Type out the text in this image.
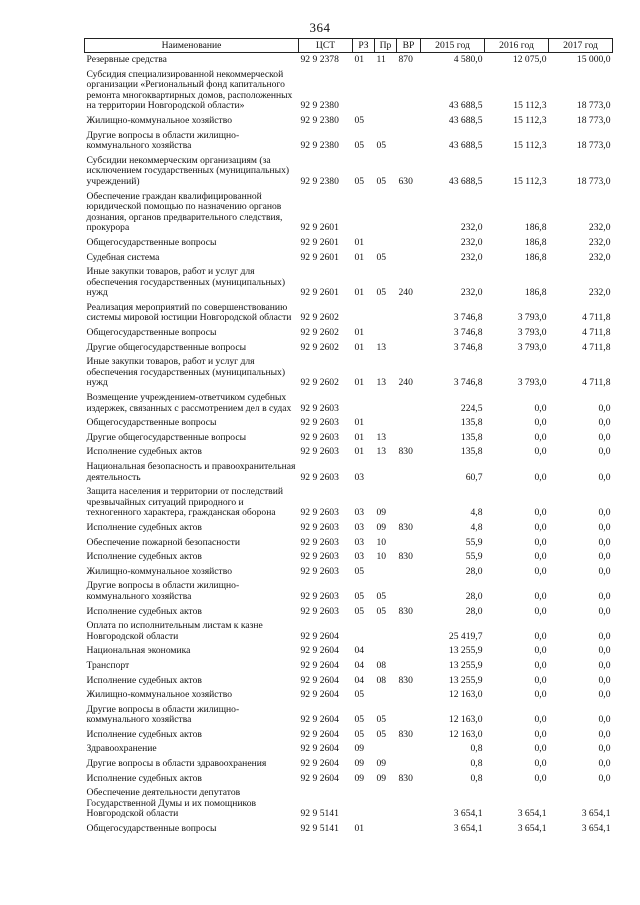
364
Наименование	ЦСТ	РЗ	Пр	ВР	2015 год	2016 год	2017 год
Резервные средства	92 9 2378	01	11	870	4 580,0	12 075,0	15 000,0
Субсидия специализированной некоммерческой организации «Региональный фонд капитального ремонта многоквартирных домов, расположенных на территории Новгородской области»	92 9 2380				43 688,5	15 112,3	18 773,0
Жилищно-коммунальное хозяйство	92 9 2380	05			43 688,5	15 112,3	18 773,0
Другие вопросы в области жилищно-коммунального хозяйства	92 9 2380	05	05		43 688,5	15 112,3	18 773,0
Субсидии некоммерческим организациям (за исключением государственных (муниципальных) учреждений)	92 9 2380	05	05	630	43 688,5	15 112,3	18 773,0
Обеспечение граждан квалифицированной юридической помощью по назначению органов дознания, органов предварительного следствия, прокурора	92 9 2601				232,0	186,8	232,0
Общегосударственные вопросы	92 9 2601	01			232,0	186,8	232,0
Судебная система	92 9 2601	01	05		232,0	186,8	232,0
Иные закупки товаров, работ и услуг для обеспечения государственных (муниципальных) нужд	92 9 2601	01	05	240	232,0	186,8	232,0
Реализация мероприятий по совершенствованию системы мировой юстиции Новгородской области	92 9 2602				3 746,8	3 793,0	4 711,8
Общегосударственные вопросы	92 9 2602	01			3 746,8	3 793,0	4 711,8
Другие общегосударственные вопросы	92 9 2602	01	13		3 746,8	3 793,0	4 711,8
Иные закупки товаров, работ и услуг для обеспечения государственных (муниципальных) нужд	92 9 2602	01	13	240	3 746,8	3 793,0	4 711,8
Возмещение учреждением-ответчиком судебных издержек, связанных с рассмотрением дел в судах	92 9 2603				224,5	0,0	0,0
Общегосударственные вопросы	92 9 2603	01			135,8	0,0	0,0
Другие общегосударственные вопросы	92 9 2603	01	13		135,8	0,0	0,0
Исполнение судебных актов	92 9 2603	01	13	830	135,8	0,0	0,0
Национальная безопасность и правоохранительная деятельность	92 9 2603	03			60,7	0,0	0,0
Защита населения и территории от последствий чрезвычайных ситуаций природного и техногенного характера, гражданская оборона	92 9 2603	03	09		4,8	0,0	0,0
Исполнение судебных актов	92 9 2603	03	09	830	4,8	0,0	0,0
Обеспечение пожарной безопасности	92 9 2603	03	10		55,9	0,0	0,0
Исполнение судебных актов	92 9 2603	03	10	830	55,9	0,0	0,0
Жилищно-коммунальное хозяйство	92 9 2603	05			28,0	0,0	0,0
Другие вопросы в области жилищно-коммунального хозяйства	92 9 2603	05	05		28,0	0,0	0,0
Исполнение судебных актов	92 9 2603	05	05	830	28,0	0,0	0,0
Оплата по исполнительным листам к казне Новгородской области	92 9 2604				25 419,7	0,0	0,0
Национальная экономика	92 9 2604	04			13 255,9	0,0	0,0
Транспорт	92 9 2604	04	08		13 255,9	0,0	0,0
Исполнение судебных актов	92 9 2604	04	08	830	13 255,9	0,0	0,0
Жилищно-коммунальное хозяйство	92 9 2604	05			12 163,0	0,0	0,0
Другие вопросы в области жилищно-коммунального хозяйства	92 9 2604	05	05		12 163,0	0,0	0,0
Исполнение судебных актов	92 9 2604	05	05	830	12 163,0	0,0	0,0
Здравоохранение	92 9 2604	09			0,8	0,0	0,0
Другие вопросы в области здравоохранения	92 9 2604	09	09		0,8	0,0	0,0
Исполнение судебных актов	92 9 2604	09	09	830	0,8	0,0	0,0
Обеспечение деятельности депутатов Государственной Думы и их помощников Новгородской области	92 9 5141				3 654,1	3 654,1	3 654,1
Общегосударственные вопросы	92 9 5141	01			3 654,1	3 654,1	3 654,1
